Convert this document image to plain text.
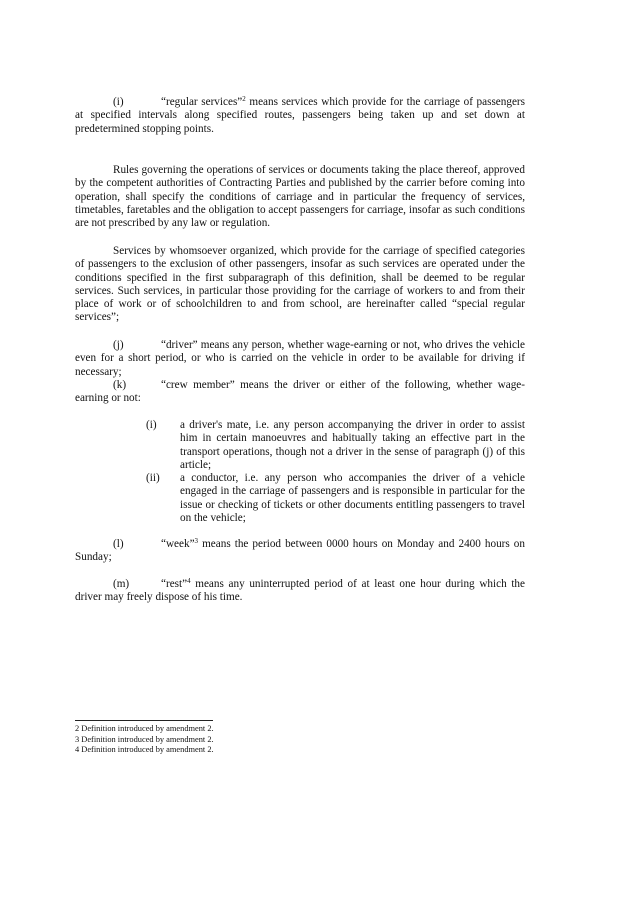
(i)	“regular services”$^2$ means services which provide for the carriage of passengers at specified intervals along specified routes, passengers being taken up and set down at predetermined stopping points.

Rules governing the operations of services or documents taking the place thereof, approved by the competent authorities of Contracting Parties and published by the carrier before coming into operation, shall specify the conditions of carriage and in particular the frequency of services, timetables, faretables and the obligation to accept passengers for carriage, insofar as such conditions are not prescribed by any law or regulation.

Services by whomsoever organized, which provide for the carriage of specified categories of passengers to the exclusion of other passengers, insofar as such services are operated under the conditions specified in the first subparagraph of this definition, shall be deemed to be regular services. Such services, in particular those providing for the carriage of workers to and from their place of work or of schoolchildren to and from school, are hereinafter called “special regular services”;

(j)	“driver” means any person, whether wage-earning or not, who drives the vehicle even for a short period, or who is carried on the vehicle in order to be available for driving if necessary;

(k)	“crew member” means the driver or either of the following, whether wage-earning or not:

(i)	a driver's mate, i.e. any person accompanying the driver in order to assist him in certain manoeuvres and habitually taking an effective part in the transport operations, though not a driver in the sense of paragraph (j) of this article;
(ii)	a conductor, i.e. any person who accompanies the driver of a vehicle engaged in the carriage of passengers and is responsible in particular for the issue or checking of tickets or other documents entitling passengers to travel on the vehicle;

(l)	“week”$^3$ means the period between 0000 hours on Monday and 2400 hours on Sunday;

(m)	“rest”$^4$ means any uninterrupted period of at least one hour during which the driver may freely dispose of his time.

2 Definition introduced by amendment 2.

3 Definition introduced by amendment 2.

4 Definition introduced by amendment 2.
